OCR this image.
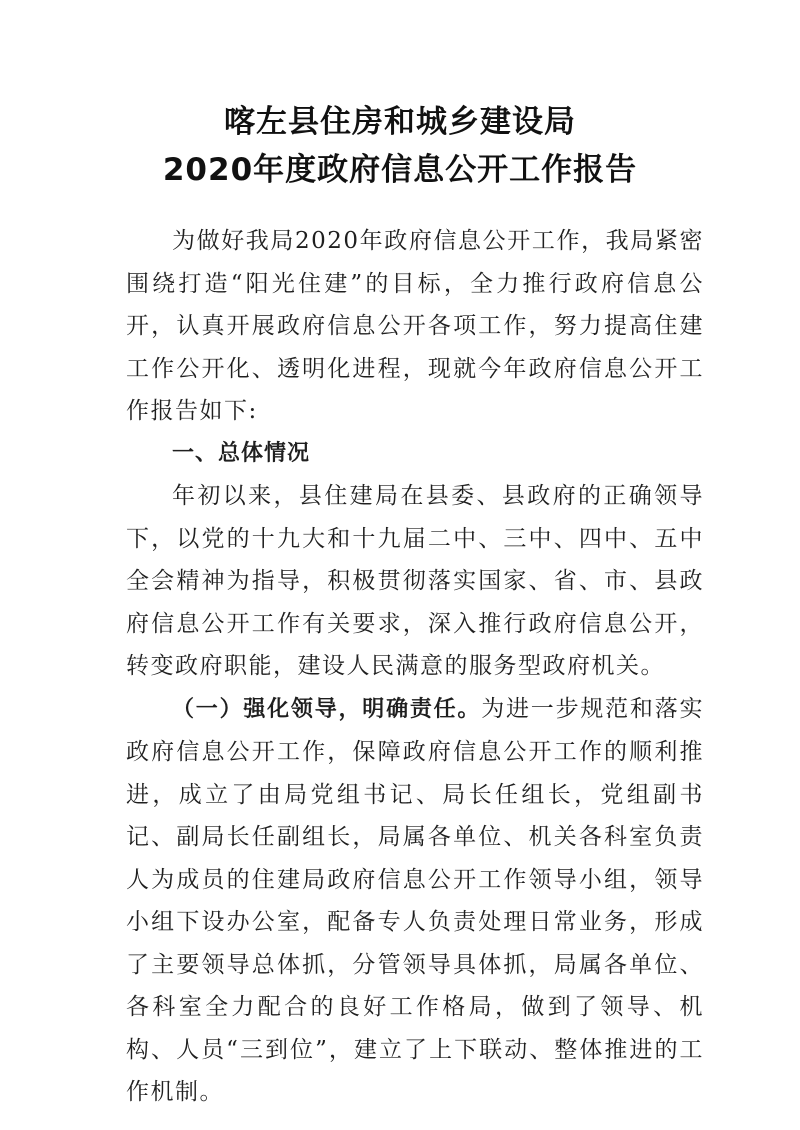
喀左县住房和城乡建设局
2020年度政府信息公开工作报告

为做好我局2020年政府信息公开工作，我局紧密围绕打造“阳光住建”的目标，全力推行政府信息公开，认真开展政府信息公开各项工作，努力提高住建工作公开化、透明化进程，现就今年政府信息公开工作报告如下:

一、总体情况

年初以来，县住建局在县委、县政府的正确领导下，以党的十九大和十九届二中、三中、四中、五中全会精神为指导，积极贯彻落实国家、省、市、县政府信息公开工作有关要求，深入推行政府信息公开，转变政府职能，建设人民满意的服务型政府机关。

（一）强化领导，明确责任。为进一步规范和落实政府信息公开工作，保障政府信息公开工作的顺利推进，成立了由局党组书记、局长任组长，党组副书记、副局长任副组长，局属各单位、机关各科室负责人为成员的住建局政府信息公开工作领导小组，领导小组下设办公室，配备专人负责处理日常业务，形成了主要领导总体抓，分管领导具体抓，局属各单位、各科室全力配合的良好工作格局，做到了领导、机构、人员“三到位”，建立了上下联动、整体推进的工作机制。
